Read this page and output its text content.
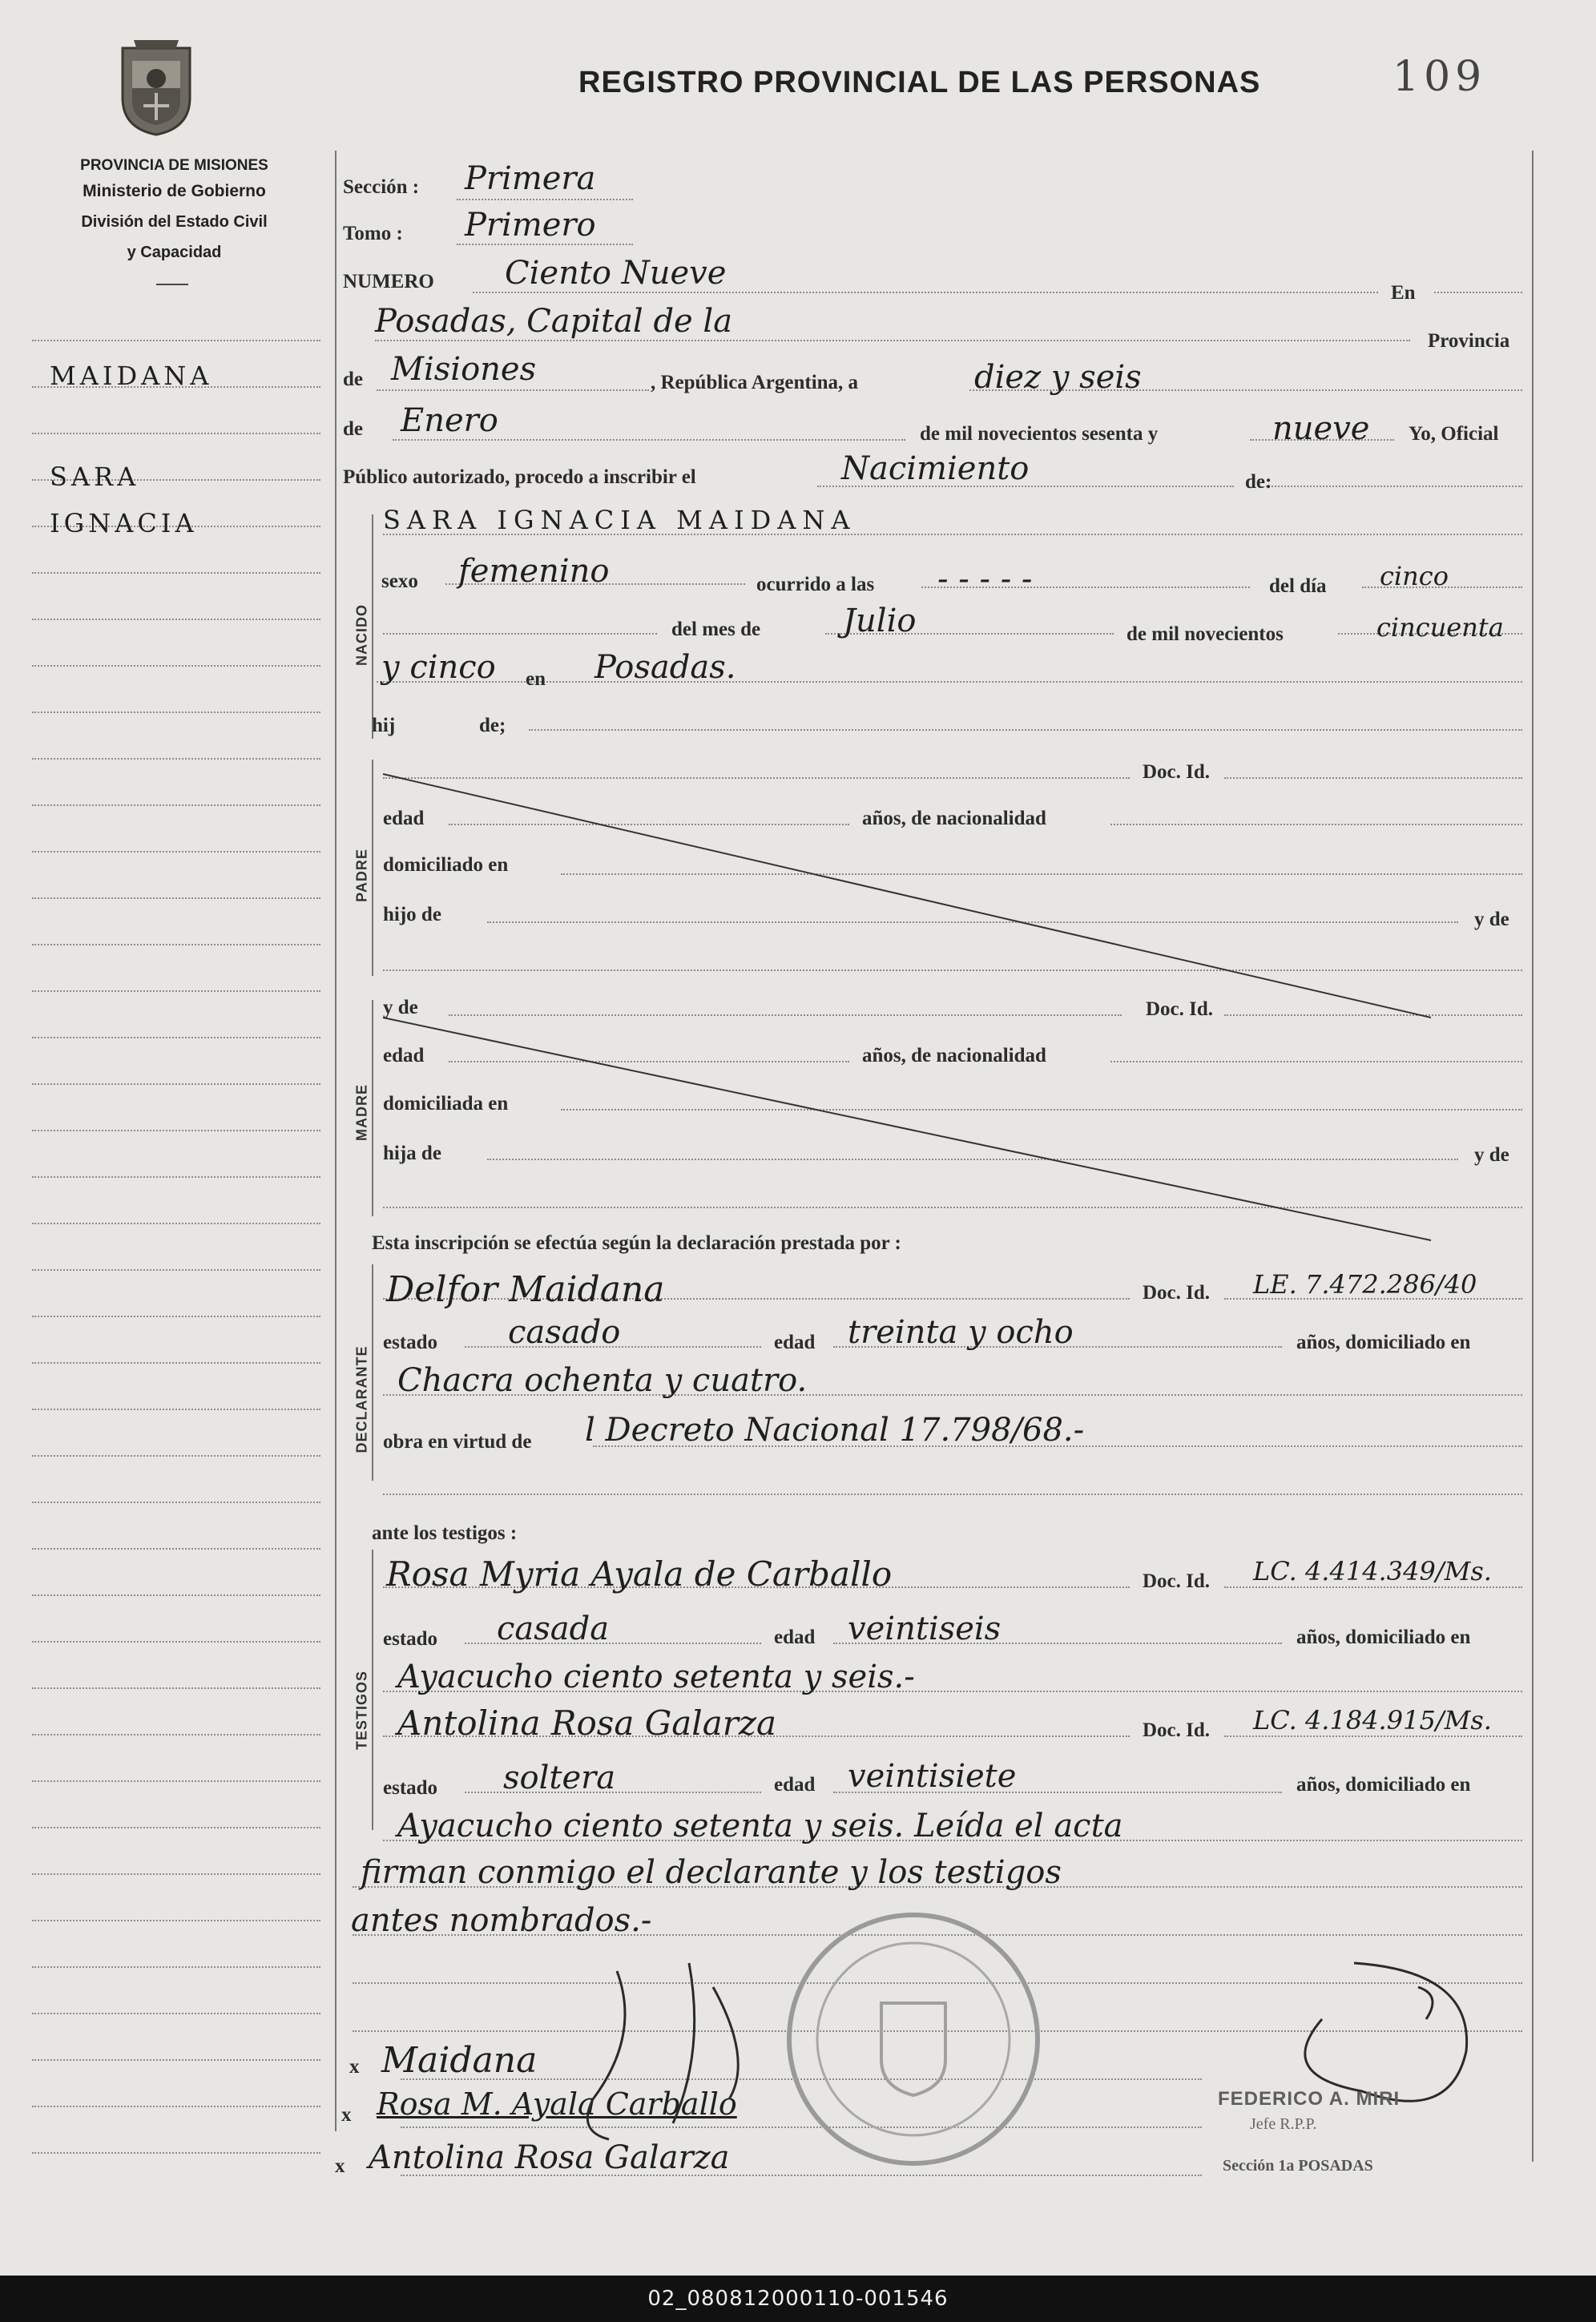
PROVINCIA DE MISIONES
Ministerio de Gobierno
División del Estado Civil
y Capacidad
REGISTRO PROVINCIAL DE LAS PERSONAS	109
MAIDANA
SARA
IGNACIA
NACIDO
PADRE
MADRE
DECLARANTE
TESTIGOS
Sección : Primera
Tomo : Primero
NUMERO Ciento Nueve
En
Posadas, Capital de la
Provincia
de Misiones	, República Argentina, a	diez y seis
de Enero	de mil novecientos sesenta y	nueve Yo, Oficial
Público autorizado, procedo a inscribir el	Nacimiento	de:
SARA IGNACIA MAIDANA
sexo femenino	ocurrido a las - - - - -	del día cinco
del mes de	Julio	de mil novecientos	cincuenta
y cinco en Posadas.
hij	de;
Doc. Id.
edad	años, de nacionalidad
domiciliado en
hijo de	y de
y de	Doc. Id.
edad	años, de nacionalidad
domiciliada en
hija de	y de
Esta inscripción se efectúa según la declaración prestada por :
Delfor Maidana	Doc. Id. LE. 7.472.286/40
estado casado	edad treinta y ocho	años, domiciliado en
Chacra ochenta y cuatro.
obra en virtud de l Decreto Nacional 17.798/68.-
ante los testigos :
Rosa Myria Ayala de Carballo	Doc. Id. LC. 4.414.349/Ms.
estado casada	edad veintiseis	años, domiciliado en
Ayacucho ciento setenta y seis.-
Antolina Rosa Galarza	Doc. Id. LC. 4.184.915/Ms.
estado soltera	edad veintisiete	años, domiciliado en
Ayacucho ciento setenta y seis. Leída el acta
firman conmigo el declarante y los testigos
antes nombrados.-
x Maidana
x Rosa M. Ayala Carballo
x Antolina Rosa Galarza
FEDERICO A. MIRI
Jefe R.P.P.
Sección 1a POSADAS
02_080812000110-001546
